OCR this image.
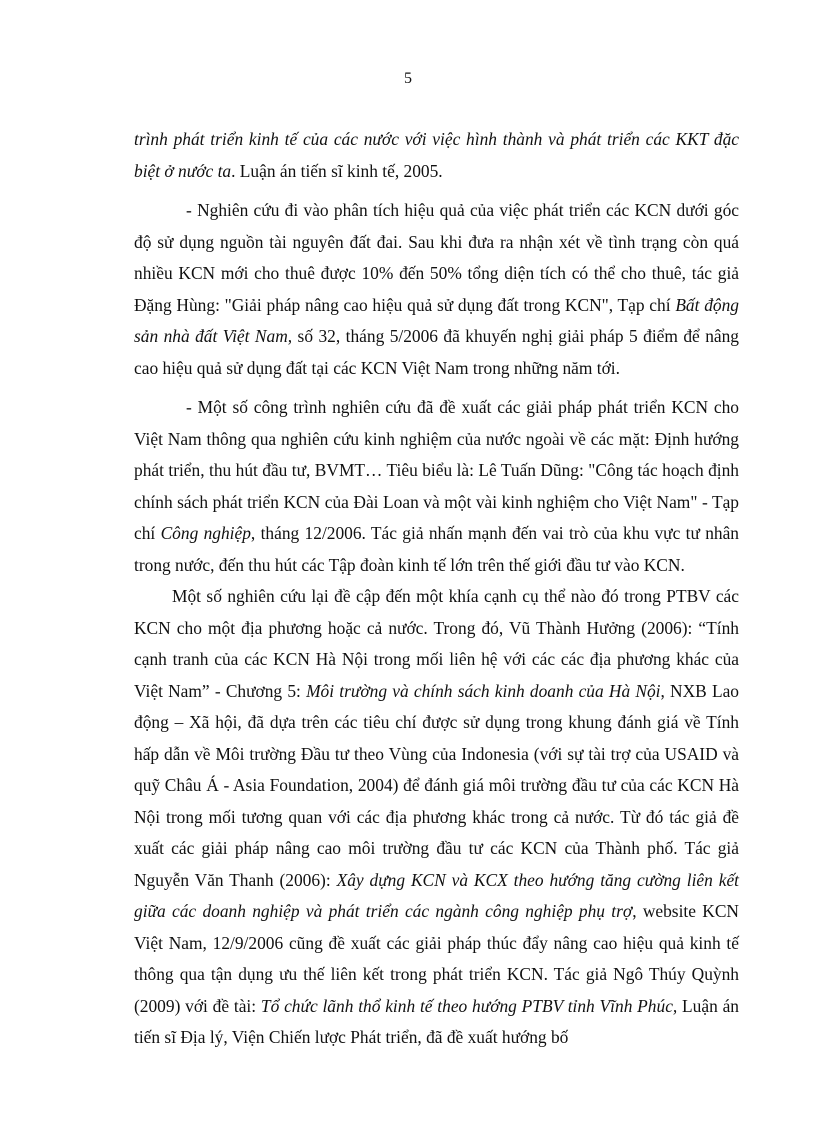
5

trình phát triển kinh tế của các nước với việc hình thành và phát triển các KKT đặc biệt ở nước ta. Luận án tiến sĩ kinh tế, 2005.

- Nghiên cứu đi vào phân tích hiệu quả của việc phát triển các KCN dưới góc độ sử dụng nguồn tài nguyên đất đai. Sau khi đưa ra nhận xét về tình trạng còn quá nhiều KCN mới cho thuê được 10% đến 50% tổng diện tích có thể cho thuê, tác giả Đặng Hùng: "Giải pháp nâng cao hiệu quả sử dụng đất trong KCN", Tạp chí Bất động sản nhà đất Việt Nam, số 32, tháng 5/2006 đã khuyến nghị giải pháp 5 điểm để nâng cao hiệu quả sử dụng đất tại các KCN Việt Nam trong những năm tới.

- Một số công trình nghiên cứu đã đề xuất các giải pháp phát triển KCN cho Việt Nam thông qua nghiên cứu kinh nghiệm của nước ngoài về các mặt: Định hướng phát triển, thu hút đầu tư, BVMT… Tiêu biểu là: Lê Tuấn Dũng: "Công tác hoạch định chính sách phát triển KCN của Đài Loan và một vài kinh nghiệm cho Việt Nam" - Tạp chí Công nghiệp, tháng 12/2006. Tác giả nhấn mạnh đến vai trò của khu vực tư nhân trong nước, đến thu hút các Tập đoàn kinh tế lớn trên thế giới đầu tư vào KCN.

Một số nghiên cứu lại đề cập đến một khía cạnh cụ thể nào đó trong PTBV các KCN cho một địa phương hoặc cả nước. Trong đó, Vũ Thành Hưởng (2006): “Tính cạnh tranh của các KCN Hà Nội trong mối liên hệ với các các địa phương khác của Việt Nam” - Chương 5: Môi trường và chính sách kinh doanh của Hà Nội, NXB Lao động – Xã hội, đã dựa trên các tiêu chí được sử dụng trong khung đánh giá về Tính hấp dẫn về Môi trường Đầu tư theo Vùng của Indonesia (với sự tài trợ của USAID và quỹ Châu Á - Asia Foundation, 2004) để đánh giá môi trường đầu tư của các KCN Hà Nội trong mối tương quan với các địa phương khác trong cả nước. Từ đó tác giả đề xuất các giải pháp nâng cao môi trường đầu tư các KCN của Thành phố. Tác giả Nguyễn Văn Thanh (2006): Xây dựng KCN và KCX theo hướng tăng cường liên kết giữa các doanh nghiệp và phát triển các ngành công nghiệp phụ trợ, website KCN Việt Nam, 12/9/2006 cũng đề xuất các giải pháp thúc đẩy nâng cao hiệu quả kinh tế thông qua tận dụng ưu thế liên kết trong phát triển KCN. Tác giả Ngô Thúy Quỳnh (2009) với đề tài: Tổ chức lãnh thổ kinh tế theo hướng PTBV tỉnh Vĩnh Phúc, Luận án tiến sĩ Địa lý, Viện Chiến lược Phát triển, đã đề xuất hướng bố
